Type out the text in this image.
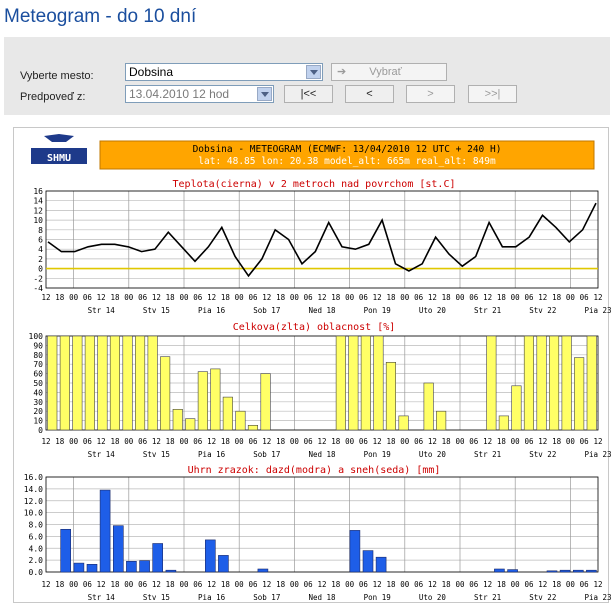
Meteogram - do 10 dní
Vyberte mesto:	Dobsina	➔ Vybrať
Predpoveď z:	13.04.2010 12 hod	|<<	<	>	>>|
SHMU
Dobsina - METEOGRAM (ECMWF: 13/04/2010 12 UTC + 240 H)
lat: 48.85 lon: 20.38 model_alt: 665m real_alt: 849m
Teplota(cierna) v 2 metroch nad povrchom [st.C]
Celkova(zlta) oblacnost [%]
Uhrn zrazok: dazd(modra) a sneh(seda) [mm]
16
14
12
10
8
6
4
2
0
-2
-4
12 18 00 06 12 18 00 06 12 18 00 06 12 18 00 06 12 18 00 06 12 18 00 06 12 18 00 06 12 18 00 06 12 18 00 06 12 18 00 06 12
Str 14	Stv 15	Pia 16	Sob 17	Ned 18	Pon 19	Uto 20	Str 21	Stv 22	Pia 23
100
90
80
70
60
50
40
30
20
10
0
12 18 00 06 12 18 00 06 12 18 00 06 12 18 00 06 12 18 00 06 12 18 00 06 12 18 00 06 12 18 00 06 12 18 00 06 12 18 00 06 12
Str 14	Stv 15	Pia 16	Sob 17	Ned 18	Pon 19	Uto 20	Str 21	Stv 22	Pia 23
16.0
14.0
12.0
10.0
8.0
6.0
4.0
2.0
0.0
12 18 00 06 12 18 00 06 12 18 00 06 12 18 00 06 12 18 00 06 12 18 00 06 12 18 00 06 12 18 00 06 12 18 00 06 12 18 00 06 12
Str 14	Stv 15	Pia 16	Sob 17	Ned 18	Pon 19	Uto 20	Str 21	Stv 22	Pia 23
